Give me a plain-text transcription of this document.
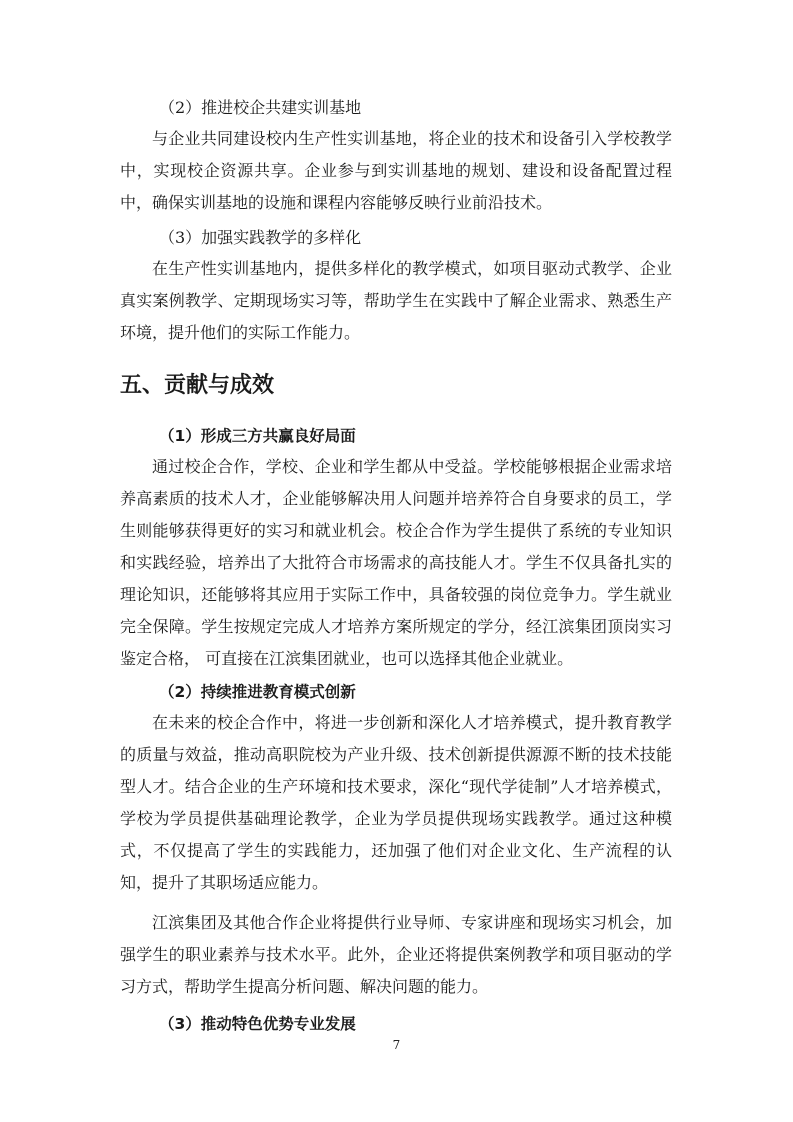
（2）推进校企共建实训基地

与企业共同建设校内生产性实训基地，将企业的技术和设备引入学校教学中，实现校企资源共享。企业参与到实训基地的规划、建设和设备配置过程中，确保实训基地的设施和课程内容能够反映行业前沿技术。

（3）加强实践教学的多样化

在生产性实训基地内，提供多样化的教学模式，如项目驱动式教学、企业真实案例教学、定期现场实习等，帮助学生在实践中了解企业需求、熟悉生产环境，提升他们的实际工作能力。

五、贡献与成效

（1）形成三方共赢良好局面

通过校企合作，学校、企业和学生都从中受益。学校能够根据企业需求培养高素质的技术人才，企业能够解决用人问题并培养符合自身要求的员工，学生则能够获得更好的实习和就业机会。校企合作为学生提供了系统的专业知识和实践经验，培养出了大批符合市场需求的高技能人才。学生不仅具备扎实的理论知识，还能够将其应用于实际工作中，具备较强的岗位竞争力。学生就业完全保障。学生按规定完成人才培养方案所规定的学分，经江滨集团顶岗实习鉴定合格， 可直接在江滨集团就业，也可以选择其他企业就业。

（2）持续推进教育模式创新

在未来的校企合作中，将进一步创新和深化人才培养模式，提升教育教学的质量与效益，推动高职院校为产业升级、技术创新提供源源不断的技术技能型人才。结合企业的生产环境和技术要求，深化“现代学徒制”人才培养模式，学校为学员提供基础理论教学，企业为学员提供现场实践教学。通过这种模式，不仅提高了学生的实践能力，还加强了他们对企业文化、生产流程的认知，提升了其职场适应能力。

江滨集团及其他合作企业将提供行业导师、专家讲座和现场实习机会，加强学生的职业素养与技术水平。此外，企业还将提供案例教学和项目驱动的学习方式，帮助学生提高分析问题、解决问题的能力。

（3）推动特色优势专业发展

7
